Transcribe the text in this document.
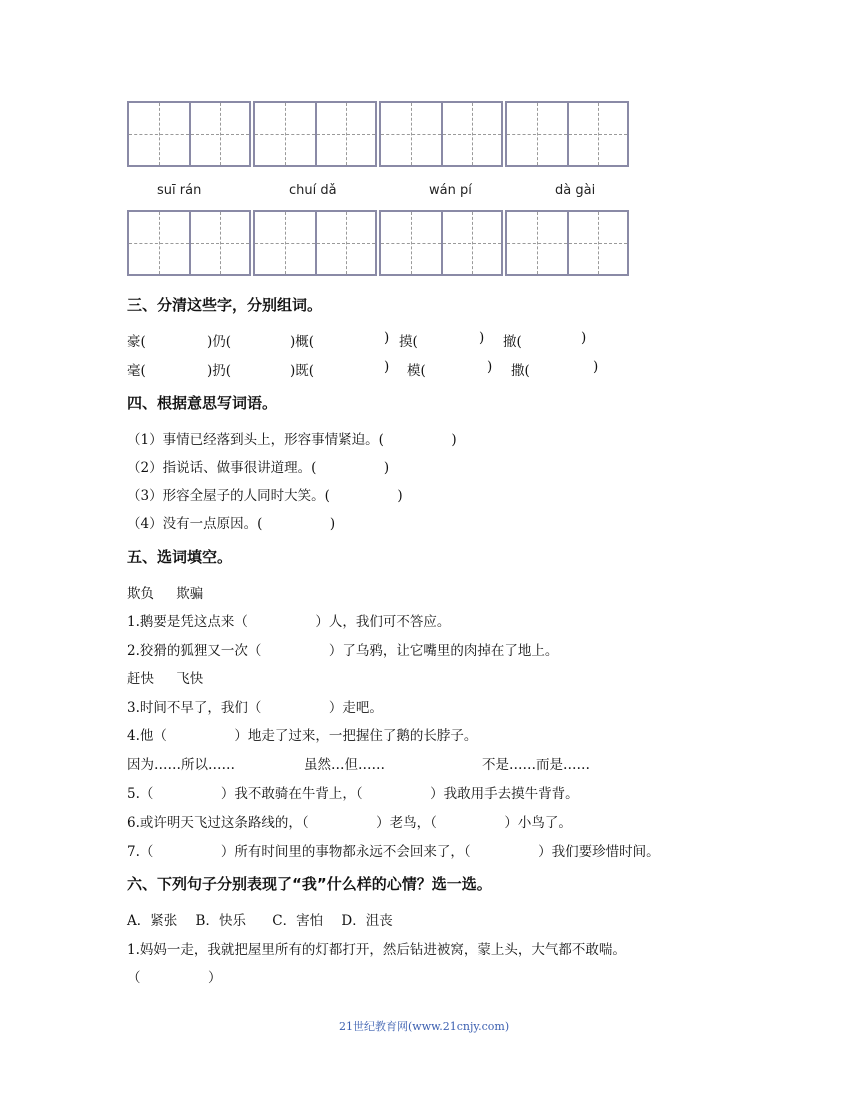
suī rán	chuí dǎ	wán pí	dà gài
三、分清这些字，分别组词。
豪(	)仍(	)概(	) 摸(	) 撤(	)
毫(	)扔(	)既(	) 模(	) 撒(	)
四、根据意思写词语。
（1）事情已经落到头上，形容事情紧迫。(　　　　　)
（2）指说话、做事很讲道理。(　　　　　)
（3）形容全屋子的人同时大笑。(　　　　　)
（4）没有一点原因。(　　　　　)
五、选词填空。
欺负 欺骗
1.鹅要是凭这点来（　　　　　）人，我们可不答应。
2.狡猾的狐狸又一次（　　　　　）了乌鸦，让它嘴里的肉掉在了地上。
赶快 飞快
3.时间不早了，我们（　　　　　）走吧。
4.他（　　　　　）地走了过来，一把握住了鹅的长脖子。
因为……所以……	虽然…但……	不是……而是……
5.（　　　　　）我不敢骑在牛背上，（　　　　　）我敢用手去摸牛背背。
6.或许明天飞过这条路线的，（　　　　　）老鸟，（　　　　　）小鸟了。
7.（　　　　　）所有时间里的事物都永远不会回来了，（　　　　　）我们要珍惜时间。
六、下列句子分别表现了“我”什么样的心情？选一选。
A．紧张 B．快乐 C．害怕 D．沮丧
1.妈妈一走，我就把屋里所有的灯都打开，然后钻进被窝，蒙上头，大气都不敢喘。
（　　　　　）
21世纪教育网(www.21cnjy.com)
